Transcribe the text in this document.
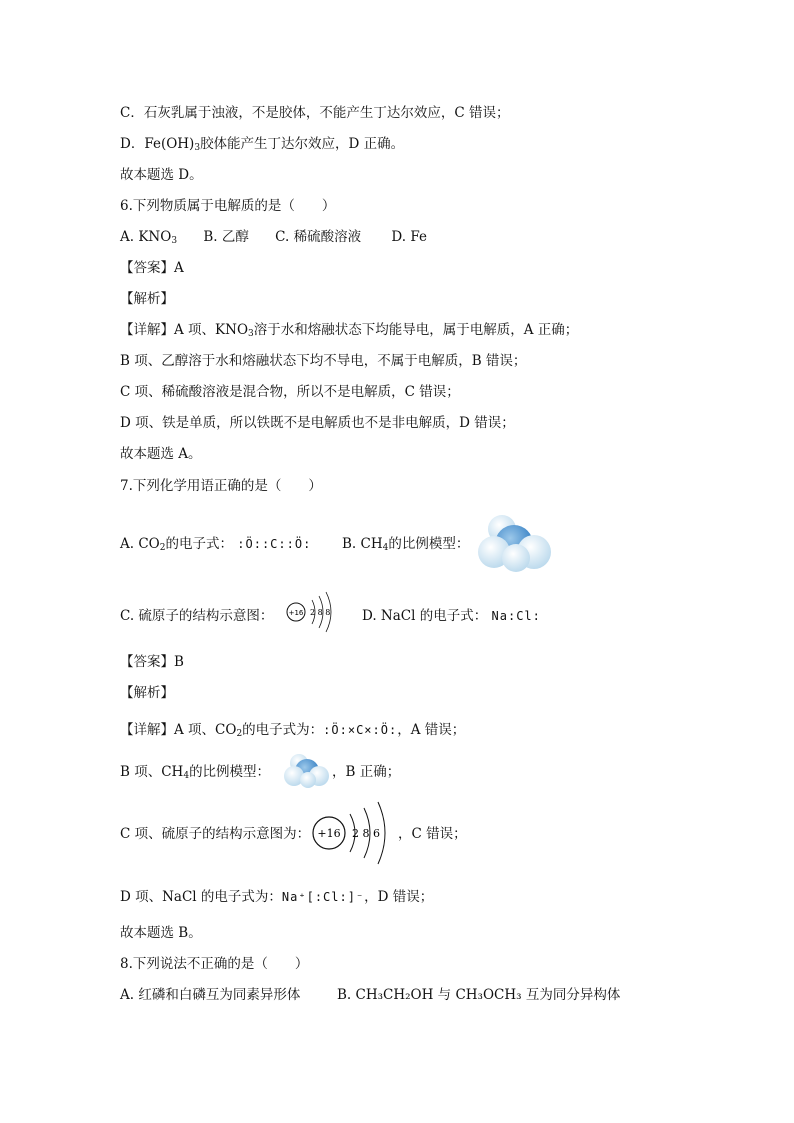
C．石灰乳属于浊液，不是胶体，不能产生丁达尔效应，C 错误；
D．$Fe(OH)_3$胶体能产生丁达尔效应，D 正确。
故本题选 D。
6.下列物质属于电解质的是（　　）
A. $KNO_3$ B. 乙醇 C. 稀硫酸溶液 D. Fe
【答案】A
【解析】
【详解】A 项、$KNO_3$溶于水和熔融状态下均能导电，属于电解质，A 正确；
B 项、乙醇溶于水和熔融状态下均不导电，不属于电解质，B 错误；
C 项、稀硫酸溶液是混合物，所以不是电解质，C 错误；
D 项、铁是单质，所以铁既不是电解质也不是非电解质，D 错误；
故本题选 A。
7.下列化学用语正确的是（　　）
A. $CO_2$的电子式： :Ö::C::Ö: B. $CH_4$的比例模型：
C. 硫原子的结构示意图： +16 2 8 8 D. NaCl 的电子式： Na:Cl:
【答案】B
【解析】
【详解】A 项、$CO_2$的电子式为：:Ö:×C×:Ö:，A 错误；
B 项、$CH_4$的比例模型：	，B 正确；
C 项、硫原子的结构示意图为： +16 2 8 6 ，C 错误；
D 项、NaCl 的电子式为：Na⁺[:Cl:]⁻，D 错误；
故本题选 B。
8.下列说法不正确的是（　　）
A. 红磷和白磷互为同素异形体	B. CH₃CH₂OH 与 CH₃OCH₃ 互为同分异构体
